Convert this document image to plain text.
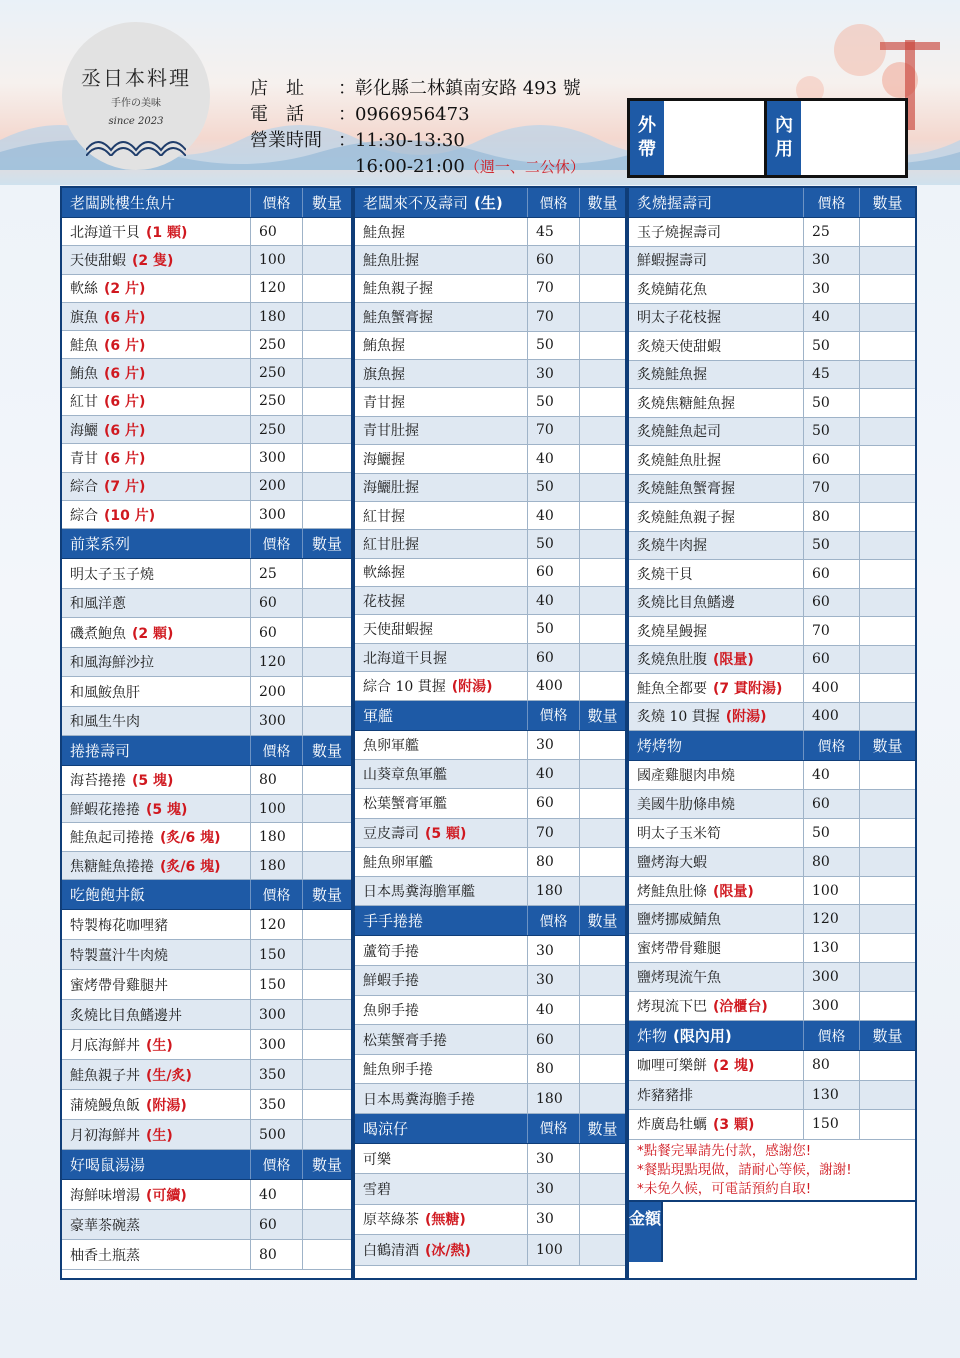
丞日本料理
手作の美味
since 2023
店　址	： 彰化縣二林鎮南安路 493 號
電　話	： 0966956473
營業時間 ： 11:30-13:30
16:00-21:00（週一、二公休）
外帶
內用
老闆跳樓生魚片	價格	數量
北海道干貝 (1 顆)	60
天使甜蝦 (2 隻)	100
軟絲 (2 片)	120
旗魚 (6 片)	180
鮭魚 (6 片)	250
鮪魚 (6 片)	250
紅甘 (6 片)	250
海鱺 (6 片)	250
青甘 (6 片)	300
綜合 (7 片)	200
綜合 (10 片)	300
前菜系列	價格	數量
明太子玉子燒	25
和風洋蔥	60
磯煮鮑魚 (2 顆)	60
和風海鮮沙拉	120
和風鮟魚肝	200
和風生牛肉	300
捲捲壽司	價格	數量
海苔捲捲 (5 塊)	80
鮮蝦花捲捲 (5 塊)	100
鮭魚起司捲捲 (炙/6 塊)	180
焦糖鮭魚捲捲 (炙/6 塊)	180
吃飽飽丼飯	價格	數量
特製梅花咖哩豬	120
特製薑汁牛肉燒	150
蜜烤帶骨雞腿丼	150
炙燒比目魚鰭邊丼	300
月底海鮮丼 (生)	300
鮭魚親子丼 (生/炙)	350
蒲燒鰻魚飯 (附湯)	350
月初海鮮丼 (生)	500
好喝鼠湯湯	價格	數量
海鮮味增湯 (可續)	40
豪華茶碗蒸	60
柚香土瓶蒸	80
老闆來不及壽司 (生)	價格	數量
鮭魚握	45
鮭魚肚握	60
鮭魚親子握	70
鮭魚蟹膏握	70
鮪魚握	50
旗魚握	30
青甘握	50
青甘肚握	70
海鱺握	40
海鱺肚握	50
紅甘握	40
紅甘肚握	50
軟絲握	60
花枝握	40
天使甜蝦握	50
北海道干貝握	60
綜合 10 貫握 (附湯)	400
軍艦	價格	數量
魚卵軍艦	30
山葵章魚軍艦	40
松葉蟹膏軍艦	60
豆皮壽司 (5 顆)	70
鮭魚卵軍艦	80
日本馬糞海膽軍艦	180
手手捲捲	價格	數量
蘆筍手捲	30
鮮蝦手捲	30
魚卵手捲	40
松葉蟹膏手捲	60
鮭魚卵手捲	80
日本馬糞海膽手捲	180
喝涼仔	價格	數量
可樂	30
雪碧	30
原萃綠茶 (無糖)	30
白鶴清酒 (冰/熱)	100
炙燒握壽司	價格	數量
玉子燒握壽司	25
鮮蝦握壽司	30
炙燒鯖花魚	30
明太子花枝握	40
炙燒天使甜蝦	50
炙燒鮭魚握	45
炙燒焦糖鮭魚握	50
炙燒鮭魚起司	50
炙燒鮭魚肚握	60
炙燒鮭魚蟹膏握	70
炙燒鮭魚親子握	80
炙燒牛肉握	50
炙燒干貝	60
炙燒比目魚鰭邊	60
炙燒星鰻握	70
炙燒魚肚腹 (限量)	60
鮭魚全都要 (7 貫附湯)	400
炙燒 10 貫握 (附湯)	400
烤烤物	價格	數量
國產雞腿肉串燒	40
美國牛肋條串燒	60
明太子玉米筍	50
鹽烤海大蝦	80
烤鮭魚肚條 (限量)	100
鹽烤挪威鯖魚	120
蜜烤帶骨雞腿	130
鹽烤現流午魚	300
烤現流下巴 (洽櫃台)	300
炸物 (限內用)	價格	數量
咖哩可樂餅 (2 塊)	80
炸豬豬排	130
炸廣島牡蠣 (3 顆)	150
*點餐完畢請先付款，感謝您!
*餐點現點現做，請耐心等候，謝謝!
*未免久候，可電話預約自取!
金額
